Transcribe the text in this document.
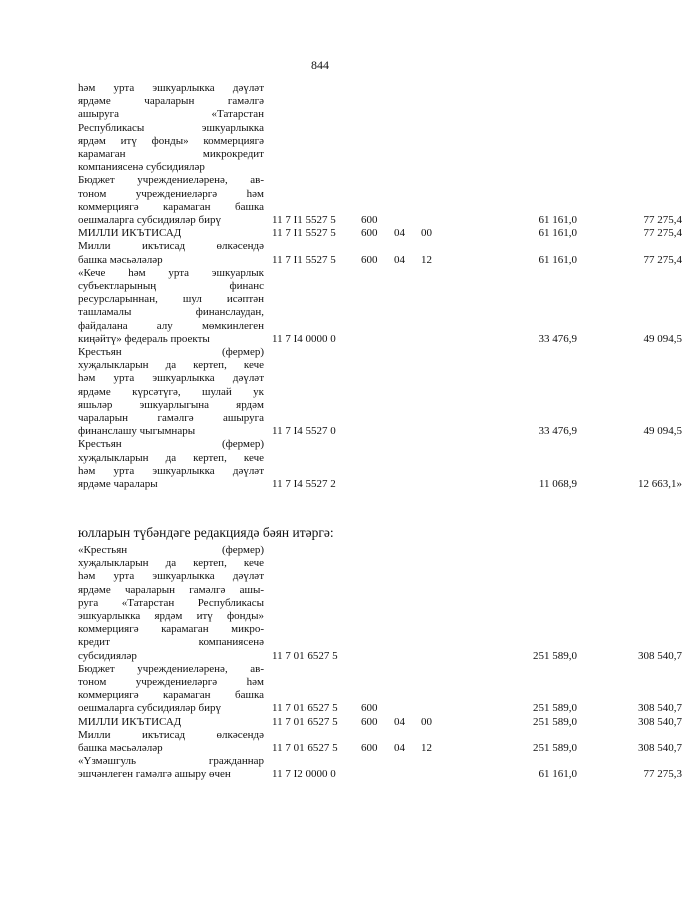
844
һәм урта эшкуарлыкка дәүләт
ярдәме чараларын гамәлгә
ашыруга «Татарстан
Республикасы эшкуарлыкка
ярдәм итү фонды» коммерциягә
карамаган микрокредит
компаниясенә субсидияләр
Бюджет учреждениеләренә, ав-
тоном учреждениеләргә һәм
коммерциягә карамаган башка
оешмаларга субсидияләр бирү	11 7 I1 5527 5 600	61 161,0	77 275,4
МИЛЛИ ИКЪТИСАД	11 7 I1 5527 5 600 04 00	61 161,0	77 275,4
Милли икътисад өлкәсендә
башка мәсьәләләр	11 7 I1 5527 5 600 04 12	61 161,0	77 275,4
«Кече һәм урта эшкуарлык
субъектларының финанс
ресурсларыннан, шул исәптән
ташламалы финанслаудан,
файдалана алу мөмкинлеген
киңәйтү» федераль проекты	11 7 I4 0000 0	33 476,9	49 094,5
Крестьян (фермер)
хуҗалыкларын да кертеп, кече
һәм урта эшкуарлыкка дәүләт
ярдәме күрсәтүгә, шулай ук
яшьләр эшкуарлыгына ярдәм
чараларын гамәлгә ашыруга
финанслашу чыгымнары	11 7 I4 5527 0	33 476,9	49 094,5
Крестьян (фермер)
хуҗалыкларын да кертеп, кече
һәм урта эшкуарлыкка дәүләт
ярдәме чаралары	11 7 I4 5527 2	11 068,9	12 663,1»
юлларын түбәндәге редакциядә бәян итәргә:
«Крестьян (фермер)
хуҗалыкларын да кертеп, кече
һәм урта эшкуарлыкка дәүләт
ярдәме чараларын гамәлгә ашы-
руга «Татарстан Республикасы
эшкуарлыкка ярдәм итү фонды»
коммерциягә карамаган микро-
кредит компаниясенә
субсидияләр	11 7 01 6527 5	251 589,0	308 540,7
Бюджет учреждениеләренә, ав-
тоном учреждениеләргә һәм
коммерциягә карамаган башка
оешмаларга субсидияләр бирү	11 7 01 6527 5 600	251 589,0	308 540,7
МИЛЛИ ИКЪТИСАД	11 7 01 6527 5 600 04 00	251 589,0	308 540,7
Милли икътисад өлкәсендә
башка мәсьәләләр	11 7 01 6527 5 600 04 12	251 589,0	308 540,7
«Үзмәшгуль гражданнар
эшчәнлеген гамәлгә ашыру өчен	11 7 I2 0000 0	61 161,0	77 275,3
